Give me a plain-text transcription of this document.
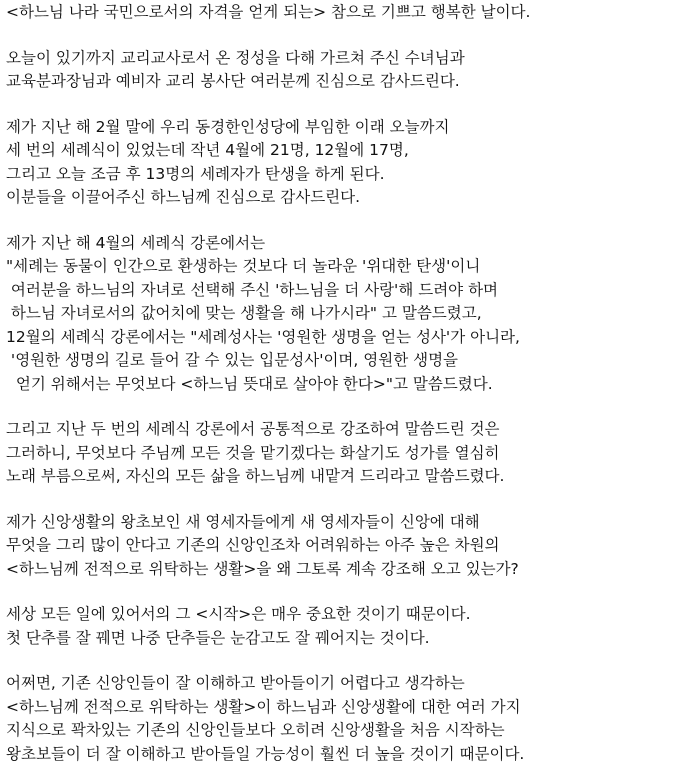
<하느님 나라 국민으로서의 자격을 얻게 되는> 참으로 기쁘고 행복한 날이다.
오늘이 있기까지 교리교사로서 온 정성을 다해 가르쳐 주신 수녀님과
교육분과장님과 예비자 교리 봉사단 여러분께 진심으로 감사드린다.
제가 지난 해 2월 말에 우리 동경한인성당에 부임한 이래 오늘까지
세 번의 세례식이 있었는데 작년 4월에 21명, 12월에 17명,
그리고 오늘 조금 후 13명의 세례자가 탄생을 하게 된다.
이분들을 이끌어주신 하느님께 진심으로 감사드린다.
제가 지난 해 4월의 세례식 강론에서는
"세례는 동물이 인간으로 환생하는 것보다 더 놀라운 '위대한 탄생'이니
여러분을 하느님의 자녀로 선택해 주신 '하느님을 더 사랑'해 드려야 하며
하느님 자녀로서의 값어치에 맞는 생활을 해 나가시라" 고 말씀드렸고,
12월의 세례식 강론에서는 "세례성사는 '영원한 생명을 얻는 성사'가 아니라,
'영원한 생명의 길로 들어 갈 수 있는 입문성사'이며, 영원한 생명을
얻기 위해서는 무엇보다 <하느님 뜻대로 살아야 한다>"고 말씀드렸다.
그리고 지난 두 번의 세례식 강론에서 공통적으로 강조하여 말씀드린 것은
그러하니, 무엇보다 주님께 모든 것을 맡기겠다는 화살기도 성가를 열심히
노래 부름으로써, 자신의 모든 삶을 하느님께 내맡겨 드리라고 말씀드렸다.
제가 신앙생활의 왕초보인 새 영세자들에게 새 영세자들이 신앙에 대해
무엇을 그리 많이 안다고 기존의 신앙인조차 어려워하는 아주 높은 차원의
<하느님께 전적으로 위탁하는 생활>을 왜 그토록 계속 강조해 오고 있는가?
세상 모든 일에 있어서의 그 <시작>은 매우 중요한 것이기 때문이다.
첫 단추를 잘 꿰면 나중 단추들은 눈감고도 잘 꿰어지는 것이다.
어쩌면, 기존 신앙인들이 잘 이해하고 받아들이기 어렵다고 생각하는
<하느님께 전적으로 위탁하는 생활>이 하느님과 신앙생활에 대한 여러 가지
지식으로 꽉차있는 기존의 신앙인들보다 오히려 신앙생활을 처음 시작하는
왕초보들이 더 잘 이해하고 받아들일 가능성이 훨씬 더 높을 것이기 때문이다.
